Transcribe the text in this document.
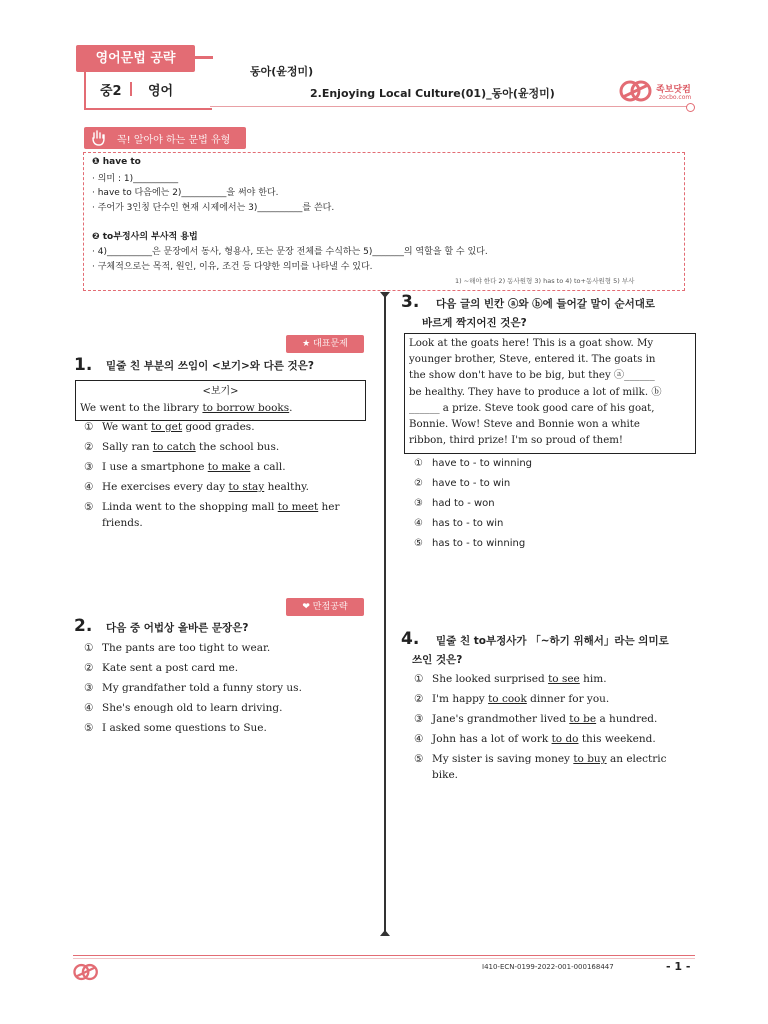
영어문법 공략
중2 영어
동아(윤정미)
2.Enjoying Local Culture(01)_동아(윤정미)	족보닷컴
zocbo.com
꼭! 알아야 하는 문법 유형
❶ have to
· 의미 : 1)__________
· have to 다음에는 2)__________을 써야 한다.
· 주어가 3인칭 단수인 현재 시제에서는 3)__________를 쓴다.
❷ to부정사의 부사적 용법
· 4)__________은 문장에서 동사, 형용사, 또는 문장 전체를 수식하는 5)_______의 역할을 할 수 있다.
· 구체적으로는 목적, 원인, 이유, 조건 등 다양한 의미를 나타낼 수 있다.
1) ~해야 한다 2) 동사원형 3) has to 4) to+동사원형 5) 부사
★ 대표문제
1. 밑줄 친 부분의 쓰임이 <보기>와 다른 것은?
<보기>
We went to the library to borrow books.
① We want to get good grades.
② Sally ran to catch the school bus.
③ I use a smartphone to make a call.
④ He exercises every day to stay healthy.
⑤ Linda went to the shopping mall to meet her
friends.
❤ 만점공략
2. 다음 중 어법상 올바른 문장은?
① The pants are too tight to wear.
② Kate sent a post card me.
③ My grandfather told a funny story us.
④ She's enough old to learn driving.
⑤ I asked some questions to Sue.
3. 다음 글의 빈칸 ⓐ와 ⓑ에 들어갈 말이 순서대로
바르게 짝지어진 것은?
Look at the goats here! This is a goat show. My
younger brother, Steve, entered it. The goats in
the show don't have to be big, but they ⓐ______
be healthy. They have to produce a lot of milk. ⓑ
______ a prize. Steve took good care of his goat,
Bonnie. Wow! Steve and Bonnie won a white
ribbon, third prize! I'm so proud of them!
① have to - to winning
② have to - to win
③ had to - won
④ has to - to win
⑤ has to - to winning
4. 밑줄 친 to부정사가 「~하기 위해서」라는 의미로
쓰인 것은?
① She looked surprised to see him.
② I'm happy to cook dinner for you.
③ Jane's grandmother lived to be a hundred.
④ John has a lot of work to do this weekend.
⑤ My sister is saving money to buy an electric
bike.
I410-ECN-0199-2022-001-000168447	- 1 -
